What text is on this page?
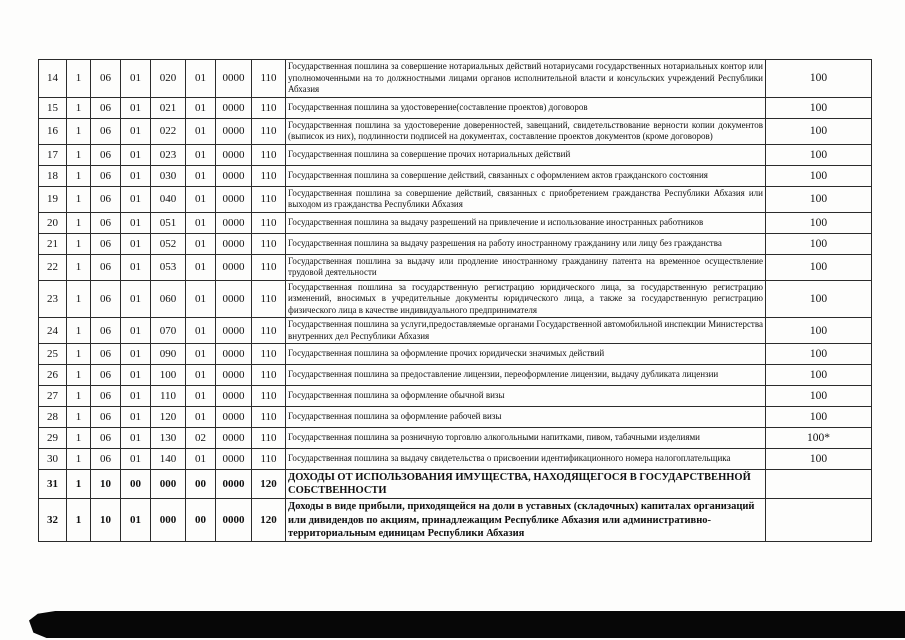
14	1	06	01	020	01	0000	110	Государственная пошлина за совершение нотариальных действий нотариусами государственных нотариальных контор или уполномоченными на то должностными лицами органов исполнительной власти и консульских учреждений Республики Абхазия	100
15	1	06	01	021	01	0000	110	Государственная пошлина за удостоверение(составление проектов) договоров	100
16	1	06	01	022	01	0000	110	Государственная пошлина за удостоверение доверенностей, завещаний, свидетельствование верности копии документов (выписок из них), подлинности подписей на документах, составление проектов документов (кроме договоров)	100
17	1	06	01	023	01	0000	110	Государственная пошлина за совершение прочих нотариальных действий	100
18	1	06	01	030	01	0000	110	Государственная пошлина за совершение действий, связанных с оформлением актов гражданского состояния	100
19	1	06	01	040	01	0000	110	Государственная пошлина за совершение действий, связанных с приобретением гражданства Республики Абхазия или выходом из гражданства Республики Абхазия	100
20	1	06	01	051	01	0000	110	Государственная пошлина за выдачу разрешений на привлечение и использование иностранных работников	100
21	1	06	01	052	01	0000	110	Государственная пошлина за выдачу разрешения на работу иностранному гражданину или лицу без гражданства	100
22	1	06	01	053	01	0000	110	Государственная пошлина за выдачу или продление иностранному гражданину патента на временное осуществление трудовой деятельности	100
23	1	06	01	060	01	0000	110	Государственная пошлина за государственную регистрацию юридического лица, за государственную регистрацию изменений, вносимых в учредительные документы юридического лица, а также за государственную регистрацию физического лица в качестве индивидуального предпринимателя	100
24	1	06	01	070	01	0000	110	Государственная пошлина за услуги,предоставляемые органами Государственной автомобильной инспекции Министерства внутренних дел Республики Абхазия	100
25	1	06	01	090	01	0000	110	Государственная пошлина за оформление прочих юридически значимых действий	100
26	1	06	01	100	01	0000	110	Государственная пошлина за предоставление лицензии, переоформление лицензии, выдачу дубликата лицензии	100
27	1	06	01	110	01	0000	110	Государственная пошлина за оформление обычной визы	100
28	1	06	01	120	01	0000	110	Государственная пошлина за оформление рабочей визы	100
29	1	06	01	130	02	0000	110	Государственная пошлина за розничную торговлю алкогольными напитками, пивом, табачными изделиями	100*
30	1	06	01	140	01	0000	110	Государственная пошлина за выдачу свидетельства о присвоении идентификационного номера налогоплательщика	100
31	1	10	00	000	00	0000	120	ДОХОДЫ ОТ ИСПОЛЬЗОВАНИЯ ИМУЩЕСТВА, НАХОДЯЩЕГОСЯ В ГОСУДАРСТВЕННОЙ СОБСТВЕННОСТИ	
32	1	10	01	000	00	0000	120	Доходы в виде прибыли, приходящейся на доли в уставных (складочных) капиталах организаций или дивидендов по акциям, принадлежащим Республике Абхазия или административно-территориальным единицам Республики Абхазия	
